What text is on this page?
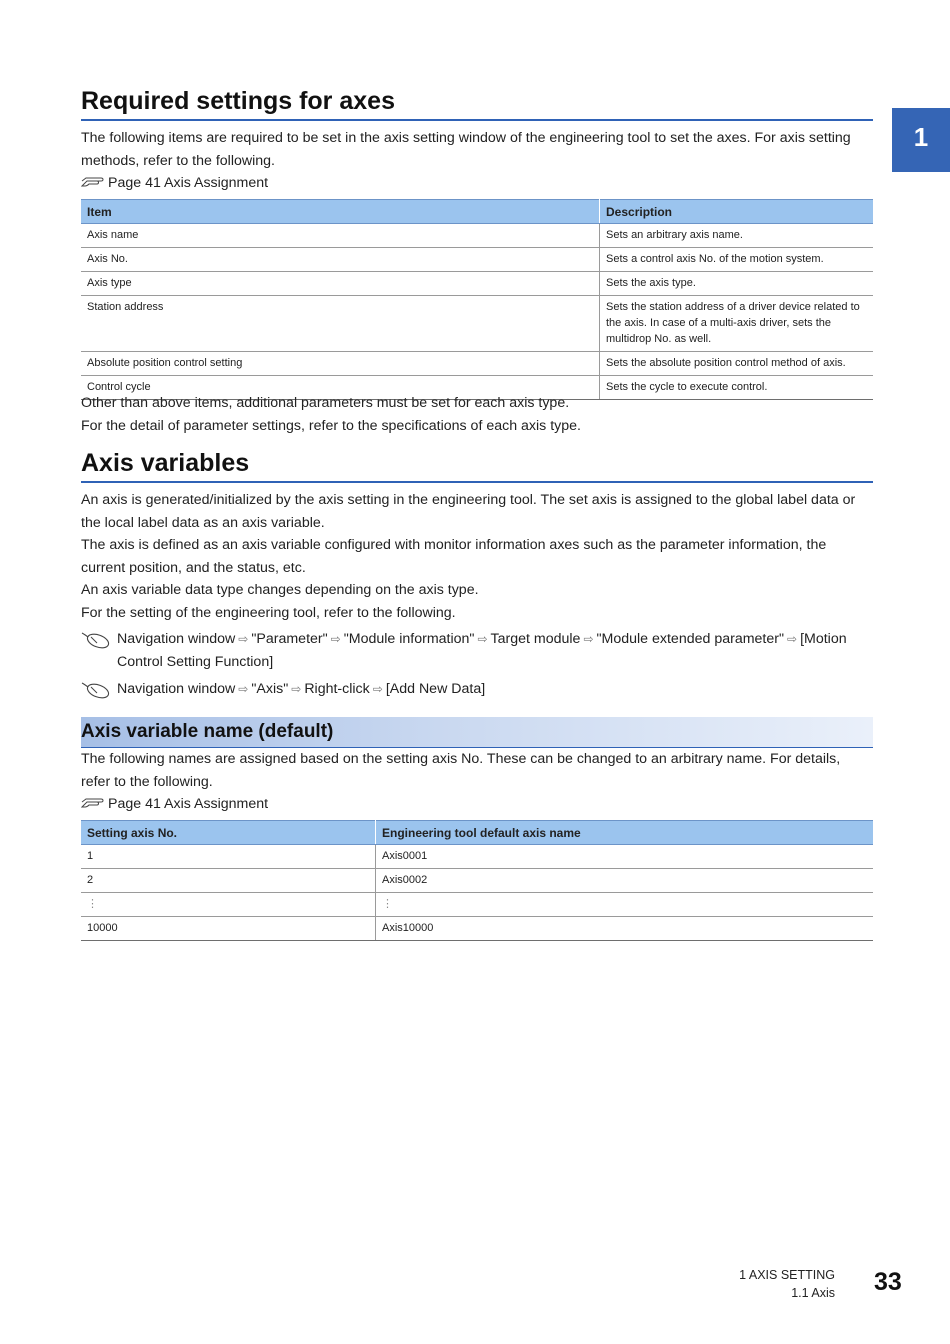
1
Required settings for axes

The following items are required to be set in the axis setting window of the engineering tool to set the axes. For axis setting
methods, refer to the following.

Page 41 Axis Assignment
Item	Description
Axis name	Sets an arbitrary axis name.
Axis No.	Sets a control axis No. of the motion system.
Axis type	Sets the axis type.
Station address	Sets the station address of a driver device related to the axis. In case of a multi-axis driver, sets the multidrop No. as well.
Absolute position control setting	Sets the absolute position control method of axis.
Control cycle	Sets the cycle to execute control.

Other than above items, additional parameters must be set for each axis type.
For the detail of parameter settings, refer to the specifications of each axis type.

Axis variables

An axis is generated/initialized by the axis setting in the engineering tool. The set axis is assigned to the global label data or
the local label data as an axis variable.
The axis is defined as an axis variable configured with monitor information axes such as the parameter information, the
current position, and the status, etc.
An axis variable data type changes depending on the axis type.
For the setting of the engineering tool, refer to the following.

Navigation window ⇨ "Parameter" ⇨ "Module information" ⇨ Target module ⇨ "Module extended parameter" ⇨ [Motion
Control Setting Function]
Navigation window ⇨ "Axis" ⇨ Right-click ⇨ [Add New Data]
Axis variable name (default)

The following names are assigned based on the setting axis No. These can be changed to an arbitrary name. For details,
refer to the following.

Page 41 Axis Assignment
Setting axis No.	Engineering tool default axis name
1	Axis0001
2	Axis0002
⋮	⋮
10000	Axis10000
1 AXIS SETTING
1.1 Axis 33
